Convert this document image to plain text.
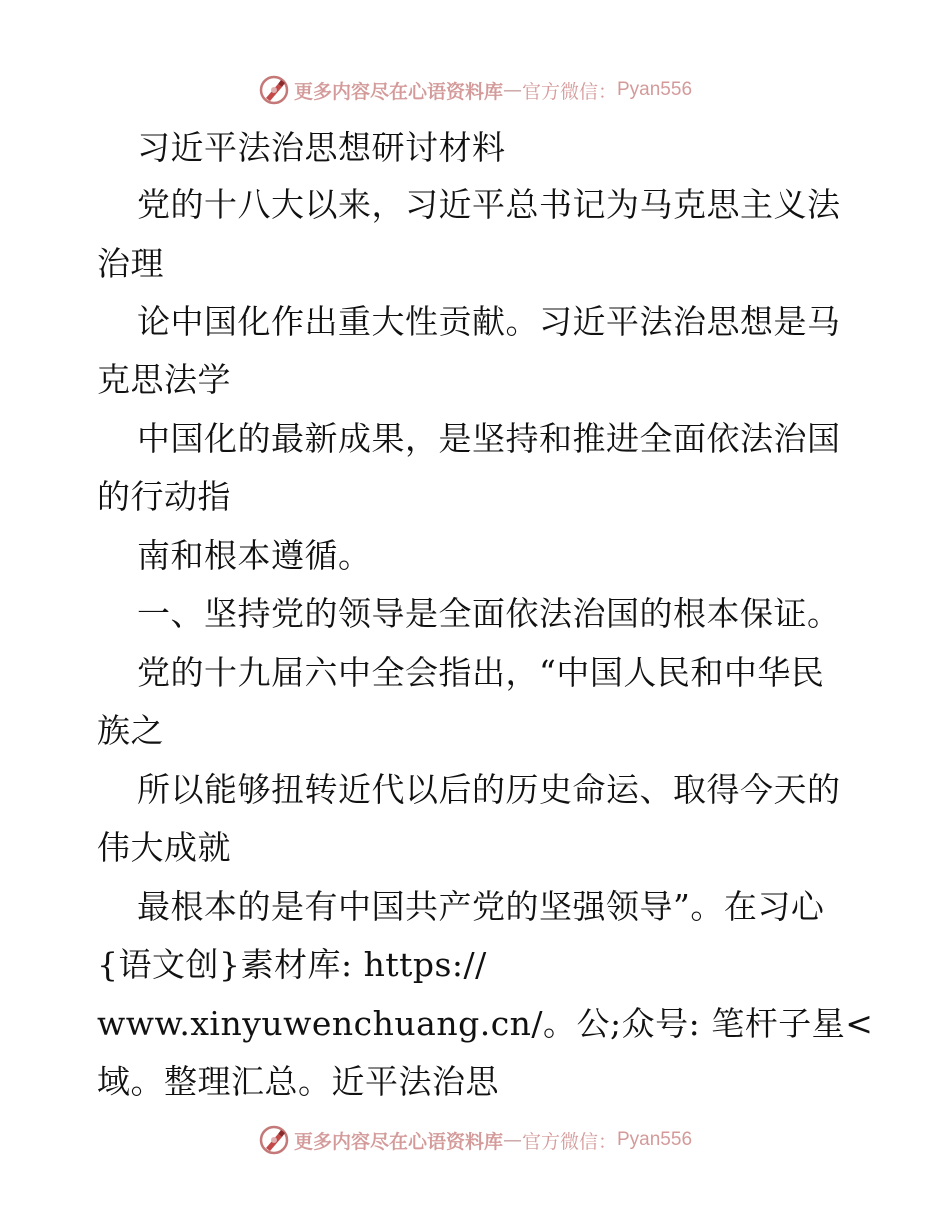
更多内容尽在心语资料库 — 官方微信： Pyan556
习近平法治思想研讨材料
党的十八大以来，习近平总书记为马克思主义法
治理
论中国化作出重大性贡献。习近平法治思想是马
克思法学
中国化的最新成果，是坚持和推进全面依法治国
的行动指
南和根本遵循。
一、坚持党的领导是全面依法治国的根本保证。
党的十九届六中全会指出，“中国人民和中华民
族之
所以能够扭转近代以后的历史命运、取得今天的
伟大成就
最根本的是有中国共产党的坚强领导”。在习心
{语文创}素材库: https://
www.xinyuwenchuang.cn/。公;众号: 笔杆子星<
域。整理汇总。近平法治思
更多内容尽在心语资料库 — 官方微信： Pyan556
